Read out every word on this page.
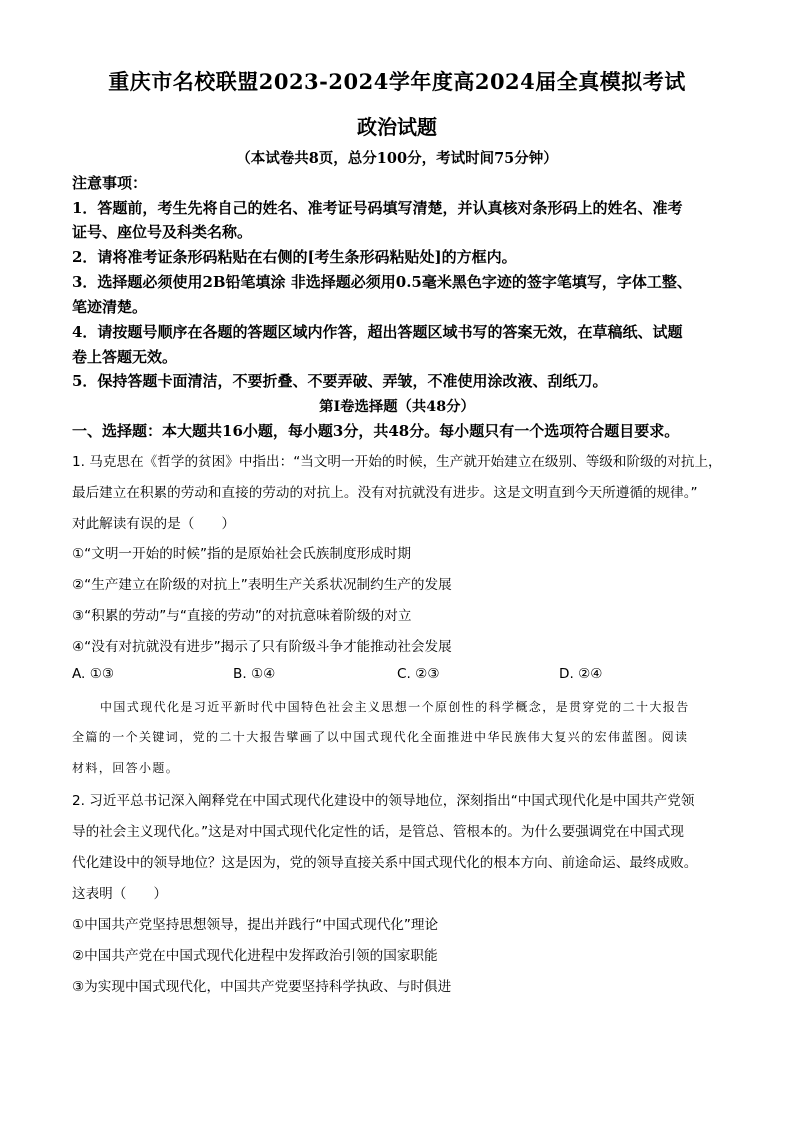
重庆市名校联盟2023-2024学年度高2024届全真模拟考试
政治试题
（本试卷共8页，总分100分，考试时间75分钟）
注意事项：
1．答题前，考生先将自己的姓名、准考证号码填写清楚，并认真核对条形码上的姓名、准考
证号、座位号及科类名称。
2．请将准考证条形码粘贴在右侧的[考生条形码粘贴处]的方框内。
3．选择题必须使用2B铅笔填涂 非选择题必须用0.5毫米黑色字迹的签字笔填写，字体工整、
笔迹清楚。
4．请按题号顺序在各题的答题区域内作答，超出答题区域书写的答案无效，在草稿纸、试题
卷上答题无效。
5．保持答题卡面清洁，不要折叠、不要弄破、弄皱，不准使用涂改液、刮纸刀。
第Ⅰ卷选择题（共48分）
一、选择题：本大题共16小题，每小题3分，共48分。每小题只有一个选项符合题目要求。
1. 马克思在《哲学的贫困》中指出：“当文明一开始的时候，生产就开始建立在级别、等级和阶级的对抗上，
最后建立在积累的劳动和直接的劳动的对抗上。没有对抗就没有进步。这是文明直到今天所遵循的规律。”
对此解读有误的是（　　）
①“文明一开始的时候”指的是原始社会氏族制度形成时期
②“生产建立在阶级的对抗上”表明生产关系状况制约生产的发展
③“积累的劳动”与“直接的劳动”的对抗意味着阶级的对立
④“没有对抗就没有进步”揭示了只有阶级斗争才能推动社会发展
A. ①③	B. ①④	C. ②③	D. ②④
中国式现代化是习近平新时代中国特色社会主义思想一个原创性的科学概念，是贯穿党的二十大报告
全篇的一个关键词，党的二十大报告擘画了以中国式现代化全面推进中华民族伟大复兴的宏伟蓝图。阅读
材料，回答小题。
2. 习近平总书记深入阐释党在中国式现代化建设中的领导地位，深刻指出“中国式现代化是中国共产党领
导的社会主义现代化。”这是对中国式现代化定性的话，是管总、管根本的。为什么要强调党在中国式现
代化建设中的领导地位？这是因为，党的领导直接关系中国式现代化的根本方向、前途命运、最终成败。
这表明（　　）
①中国共产党坚持思想领导，提出并践行“中国式现代化”理论
②中国共产党在中国式现代化进程中发挥政治引领的国家职能
③为实现中国式现代化，中国共产党要坚持科学执政、与时俱进
